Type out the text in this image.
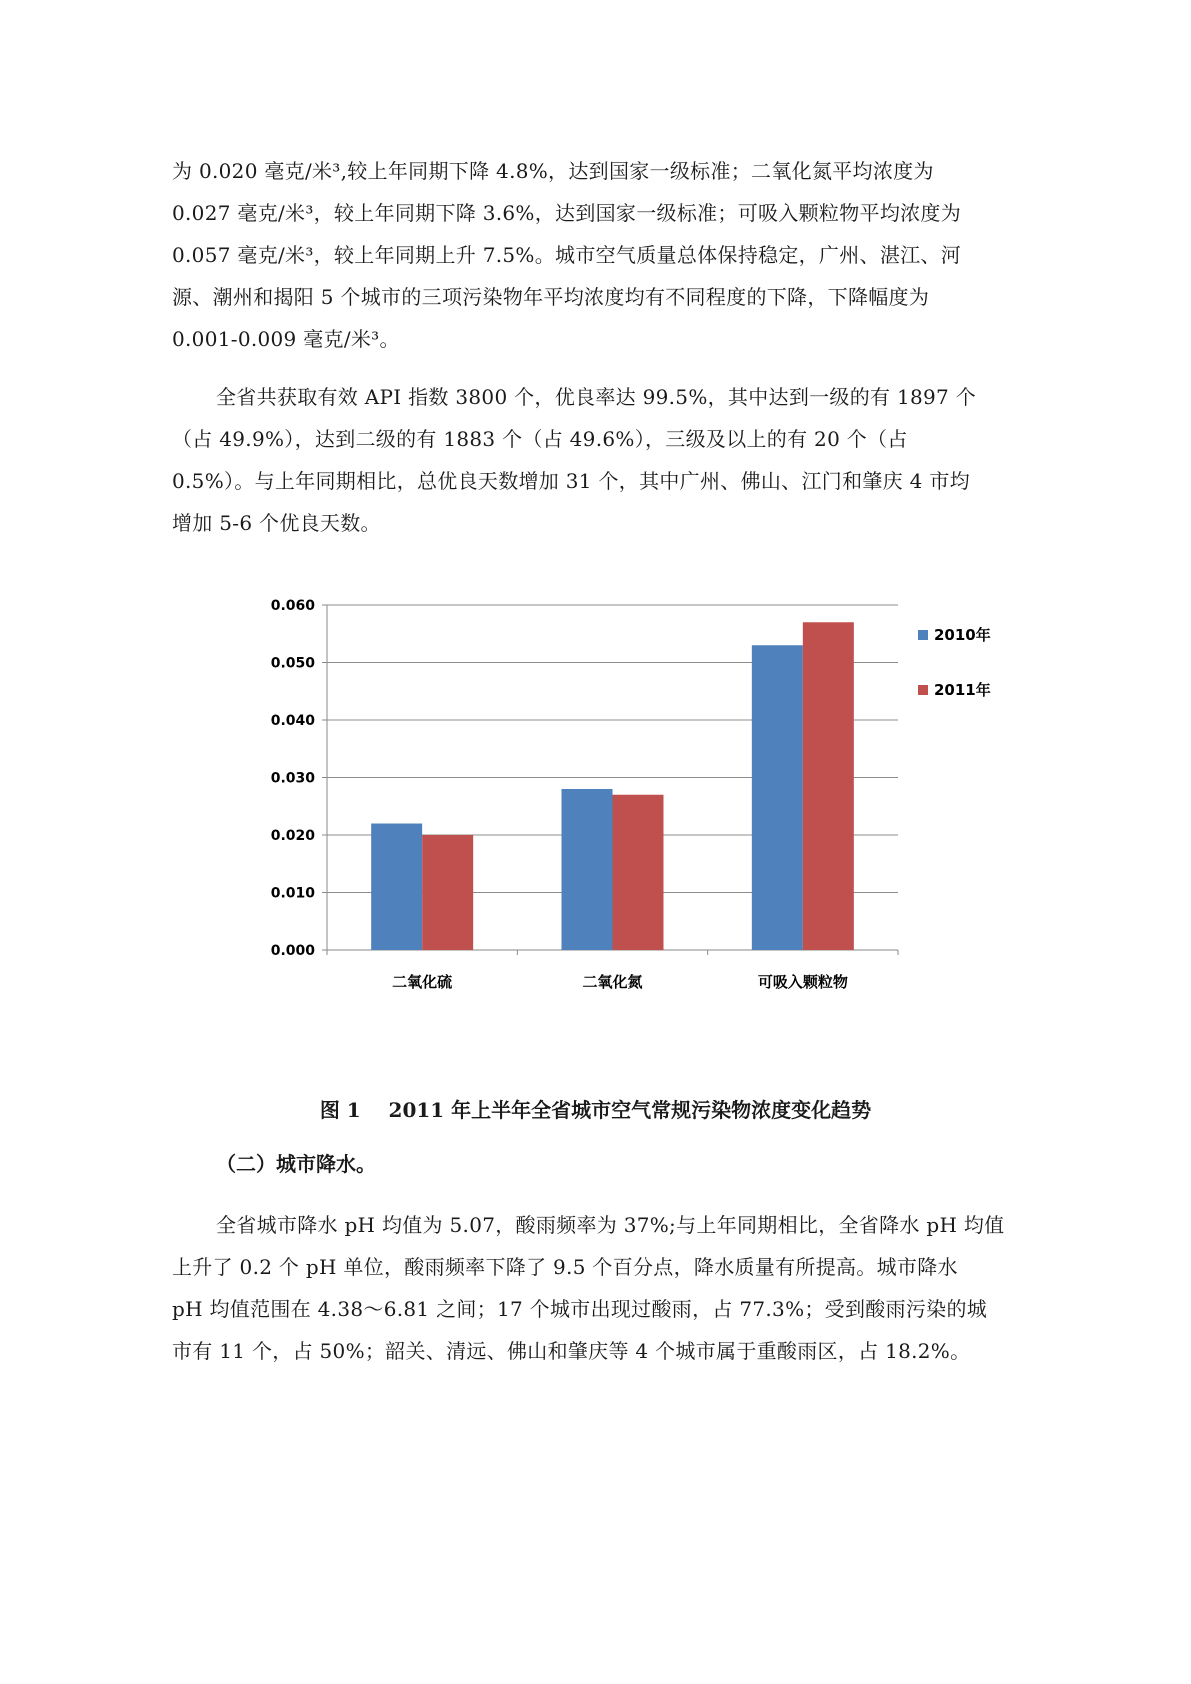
为 0.020 毫克/米³,较上年同期下降 4.8%，达到国家一级标准；二氧化氮平均浓度为
0.027 毫克/米³，较上年同期下降 3.6%，达到国家一级标准；可吸入颗粒物平均浓度为
0.057 毫克/米³，较上年同期上升 7.5%。城市空气质量总体保持稳定，广州、湛江、河
源、潮州和揭阳 5 个城市的三项污染物年平均浓度均有不同程度的下降，下降幅度为
0.001-0.009 毫克/米³。

全省共获取有效 API 指数 3800 个，优良率达 99.5%，其中达到一级的有 1897 个
（占 49.9%），达到二级的有 1883 个（占 49.6%），三级及以上的有 20 个（占
0.5%）。与上年同期相比，总优良天数增加 31 个，其中广州、佛山、江门和肇庆 4 市均
增加 5-6 个优良天数。

0.000
0.010
0.020
0.030
0.040
0.050
0.060
二氧化硫	二氧化氮	可吸入颗粒物
2010年
2011年

图 1    2011 年上半年全省城市空气常规污染物浓度变化趋势

（二）城市降水。

全省城市降水 pH 均值为 5.07，酸雨频率为 37%;与上年同期相比，全省降水 pH 均值
上升了 0.2 个 pH 单位，酸雨频率下降了 9.5 个百分点，降水质量有所提高。城市降水
pH 均值范围在 4.38～6.81 之间；17 个城市出现过酸雨，占 77.3%；受到酸雨污染的城
市有 11 个，占 50%；韶关、清远、佛山和肇庆等 4 个城市属于重酸雨区，占 18.2%。
